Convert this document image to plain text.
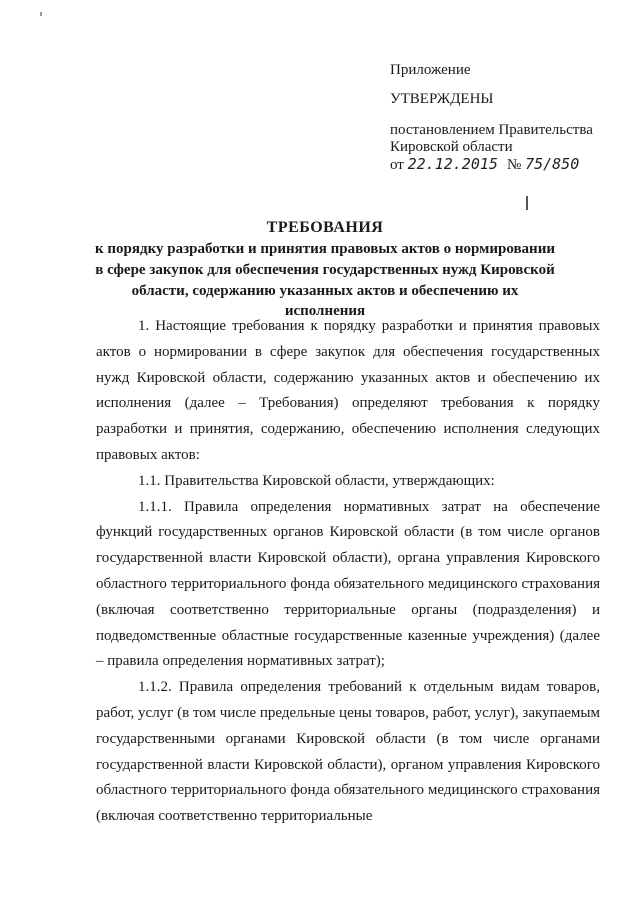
Приложение
УТВЕРЖДЕНЫ
постановлением Правительства
Кировской области
от 22.12.2015 № 75/850
ТРЕБОВАНИЯ
к порядку разработки и принятия правовых актов о нормировании
в сфере закупок для обеспечения государственных нужд Кировской
области, содержанию указанных актов и обеспечению их исполнения

1. Настоящие требования к порядку разработки и принятия правовых актов о нормировании в сфере закупок для обеспечения государственных нужд Кировской области, содержанию указанных актов и обеспечению их исполнения (далее – Требования) определяют требования к порядку разработки и принятия, содержанию, обеспечению исполнения следующих правовых актов:

1.1. Правительства Кировской области, утверждающих:

1.1.1. Правила определения нормативных затрат на обеспечение функций государственных органов Кировской области (в том числе органов государственной власти Кировской области), органа управления Кировского областного территориального фонда обязательного медицинского страхования (включая соответственно территориальные органы (подразделения) и подведомственные областные государственные казенные учреждения) (далее – правила определения нормативных затрат);

1.1.2. Правила определения требований к отдельным видам товаров, работ, услуг (в том числе предельные цены товаров, работ, услуг), закупаемым государственными органами Кировской области (в том числе органами государственной власти Кировской области), органом управления Кировского областного территориального фонда обязательного медицинского страхования (включая соответственно территориальные
